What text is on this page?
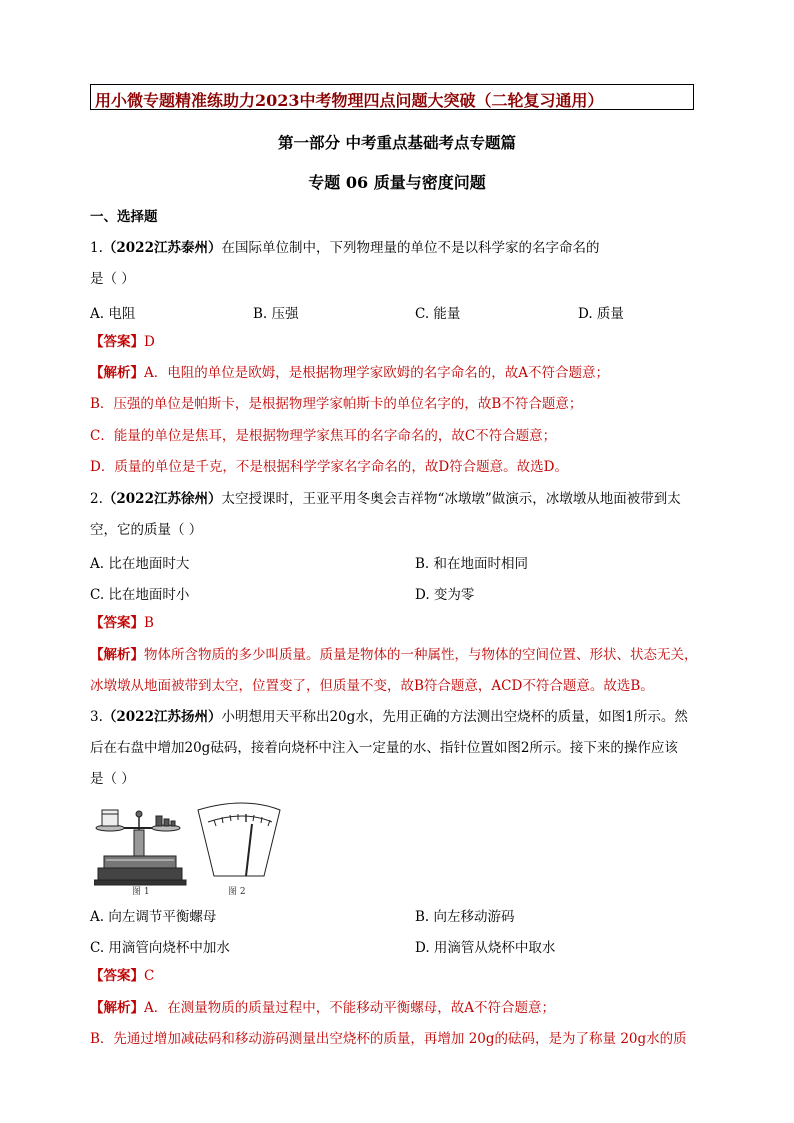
用小微专题精准练助力2023中考物理四点问题大突破（二轮复习通用）
第一部分 中考重点基础考点专题篇
专题 06 质量与密度问题
一、选择题
1.（2022江苏泰州）在国际单位制中，下列物理量的单位不是以科学家的名字命名的
是（ ）
A. 电阻	B. 压强	C. 能量	D. 质量
【答案】D
【解析】A．电阻的单位是欧姆，是根据物理学家欧姆的名字命名的，故A不符合题意；
B．压强的单位是帕斯卡，是根据物理学家帕斯卡的单位名字的，故B不符合题意；
C．能量的单位是焦耳，是根据物理学家焦耳的名字命名的，故C不符合题意；
D．质量的单位是千克，不是根据科学学家名字命名的，故D符合题意。故选D。
2.（2022江苏徐州）太空授课时，王亚平用冬奥会吉祥物“冰墩墩”做演示，冰墩墩从地面被带到太
空，它的质量（ ）
A. 比在地面时大	B. 和在地面时相同
C. 比在地面时小	D. 变为零
【答案】B
【解析】物体所含物质的多少叫质量。质量是物体的一种属性，与物体的空间位置、形状、状态无关，
冰墩墩从地面被带到太空，位置变了，但质量不变，故B符合题意，ACD不符合题意。故选B。
3.（2022江苏扬州）小明想用天平称出20g水，先用正确的方法测出空烧杯的质量，如图1所示。然
后在右盘中增加20g砝码，接着向烧杯中注入一定量的水、指针位置如图2所示。接下来的操作应该
是（ ）
图 1	图 2
A. 向左调节平衡螺母	B. 向左移动游码
C. 用滴管向烧杯中加水	D. 用滴管从烧杯中取水
【答案】C
【解析】A．在测量物质的质量过程中，不能移动平衡螺母，故A不符合题意；
B．先通过增加减砝码和移动游码测量出空烧杯的质量，再增加 20g的砝码，是为了称量 20g水的质
